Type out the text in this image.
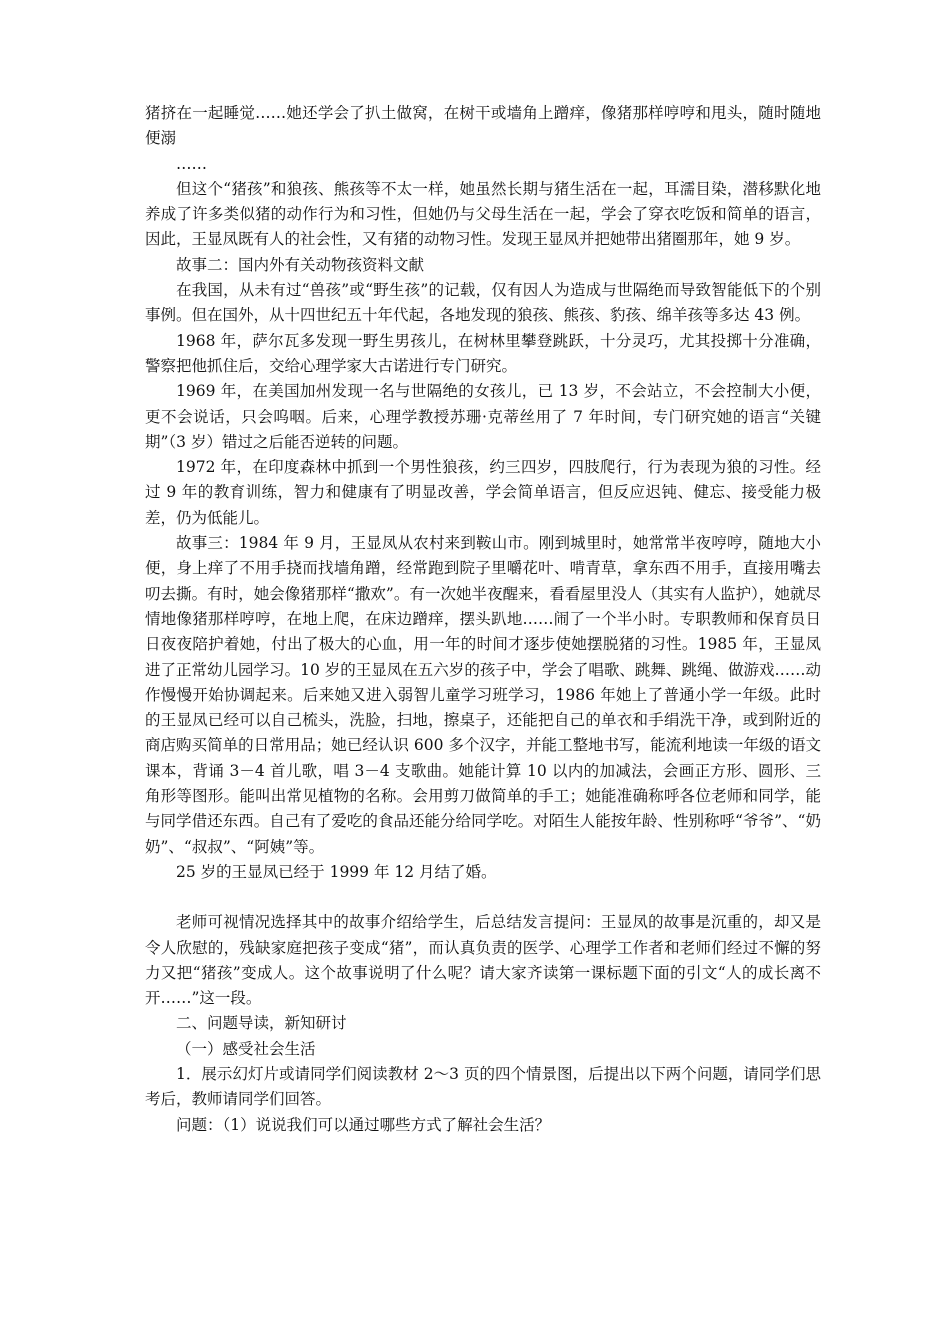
猪挤在一起睡觉……她还学会了扒土做窝，在树干或墙角上蹭痒，像猪那样哼哼和甩头，随时随地便溺

……

但这个“猪孩”和狼孩、熊孩等不太一样，她虽然长期与猪生活在一起，耳濡目染，潜移默化地养成了许多类似猪的动作行为和习性，但她仍与父母生活在一起，学会了穿衣吃饭和简单的语言，因此，王显凤既有人的社会性，又有猪的动物习性。发现王显凤并把她带出猪圈那年，她 9 岁。

故事二：国内外有关动物孩资料文献

在我国，从未有过“兽孩”或“野生孩”的记载，仅有因人为造成与世隔绝而导致智能低下的个别事例。但在国外，从十四世纪五十年代起，各地发现的狼孩、熊孩、豹孩、绵羊孩等多达 43 例。

1968 年，萨尔瓦多发现一野生男孩儿，在树林里攀登跳跃，十分灵巧，尤其投掷十分准确，警察把他抓住后，交给心理学家大古诺进行专门研究。

1969 年，在美国加州发现一名与世隔绝的女孩儿，已 13 岁，不会站立，不会控制大小便，更不会说话，只会呜咽。后来，心理学教授苏珊·克蒂丝用了 7 年时间，专门研究她的语言“关键期”（3 岁）错过之后能否逆转的问题。

1972 年，在印度森林中抓到一个男性狼孩，约三四岁，四肢爬行，行为表现为狼的习性。经过 9 年的教育训练，智力和健康有了明显改善，学会简单语言，但反应迟钝、健忘、接受能力极差，仍为低能儿。

故事三：1984 年 9 月，王显凤从农村来到鞍山市。刚到城里时，她常常半夜哼哼，随地大小便，身上痒了不用手挠而找墙角蹭，经常跑到院子里嚼花叶、啃青草，拿东西不用手，直接用嘴去叨去撕。有时，她会像猪那样“撒欢”。有一次她半夜醒来，看看屋里没人（其实有人监护），她就尽情地像猪那样哼哼，在地上爬，在床边蹭痒，摆头趴地……闹了一个半小时。专职教师和保育员日日夜夜陪护着她，付出了极大的心血，用一年的时间才逐步使她摆脱猪的习性。1985 年，王显凤进了正常幼儿园学习。10 岁的王显凤在五六岁的孩子中，学会了唱歌、跳舞、跳绳、做游戏……动作慢慢开始协调起来。后来她又进入弱智儿童学习班学习，1986 年她上了普通小学一年级。此时的王显凤已经可以自己梳头，洗脸，扫地，擦桌子，还能把自己的单衣和手绢洗干净，或到附近的商店购买简单的日常用品；她已经认识 600 多个汉字，并能工整地书写，能流利地读一年级的语文课本，背诵 3－4 首儿歌，唱 3－4 支歌曲。她能计算 10 以内的加减法，会画正方形、圆形、三角形等图形。能叫出常见植物的名称。会用剪刀做简单的手工；她能准确称呼各位老师和同学，能与同学借还东西。自己有了爱吃的食品还能分给同学吃。对陌生人能按年龄、性别称呼“爷爷”、“奶奶”、“叔叔”、“阿姨”等。

25 岁的王显凤已经于 1999 年 12 月结了婚。

老师可视情况选择其中的故事介绍给学生，后总结发言提问：王显凤的故事是沉重的，却又是令人欣慰的，残缺家庭把孩子变成“猪”，而认真负责的医学、心理学工作者和老师们经过不懈的努力又把“猪孩”变成人。这个故事说明了什么呢？请大家齐读第一课标题下面的引文“人的成长离不开……”这一段。

二、问题导读，新知研讨

（一）感受社会生活

1．展示幻灯片或请同学们阅读教材 2～3 页的四个情景图，后提出以下两个问题，请同学们思考后，教师请同学们回答。

问题：（1）说说我们可以通过哪些方式了解社会生活？
